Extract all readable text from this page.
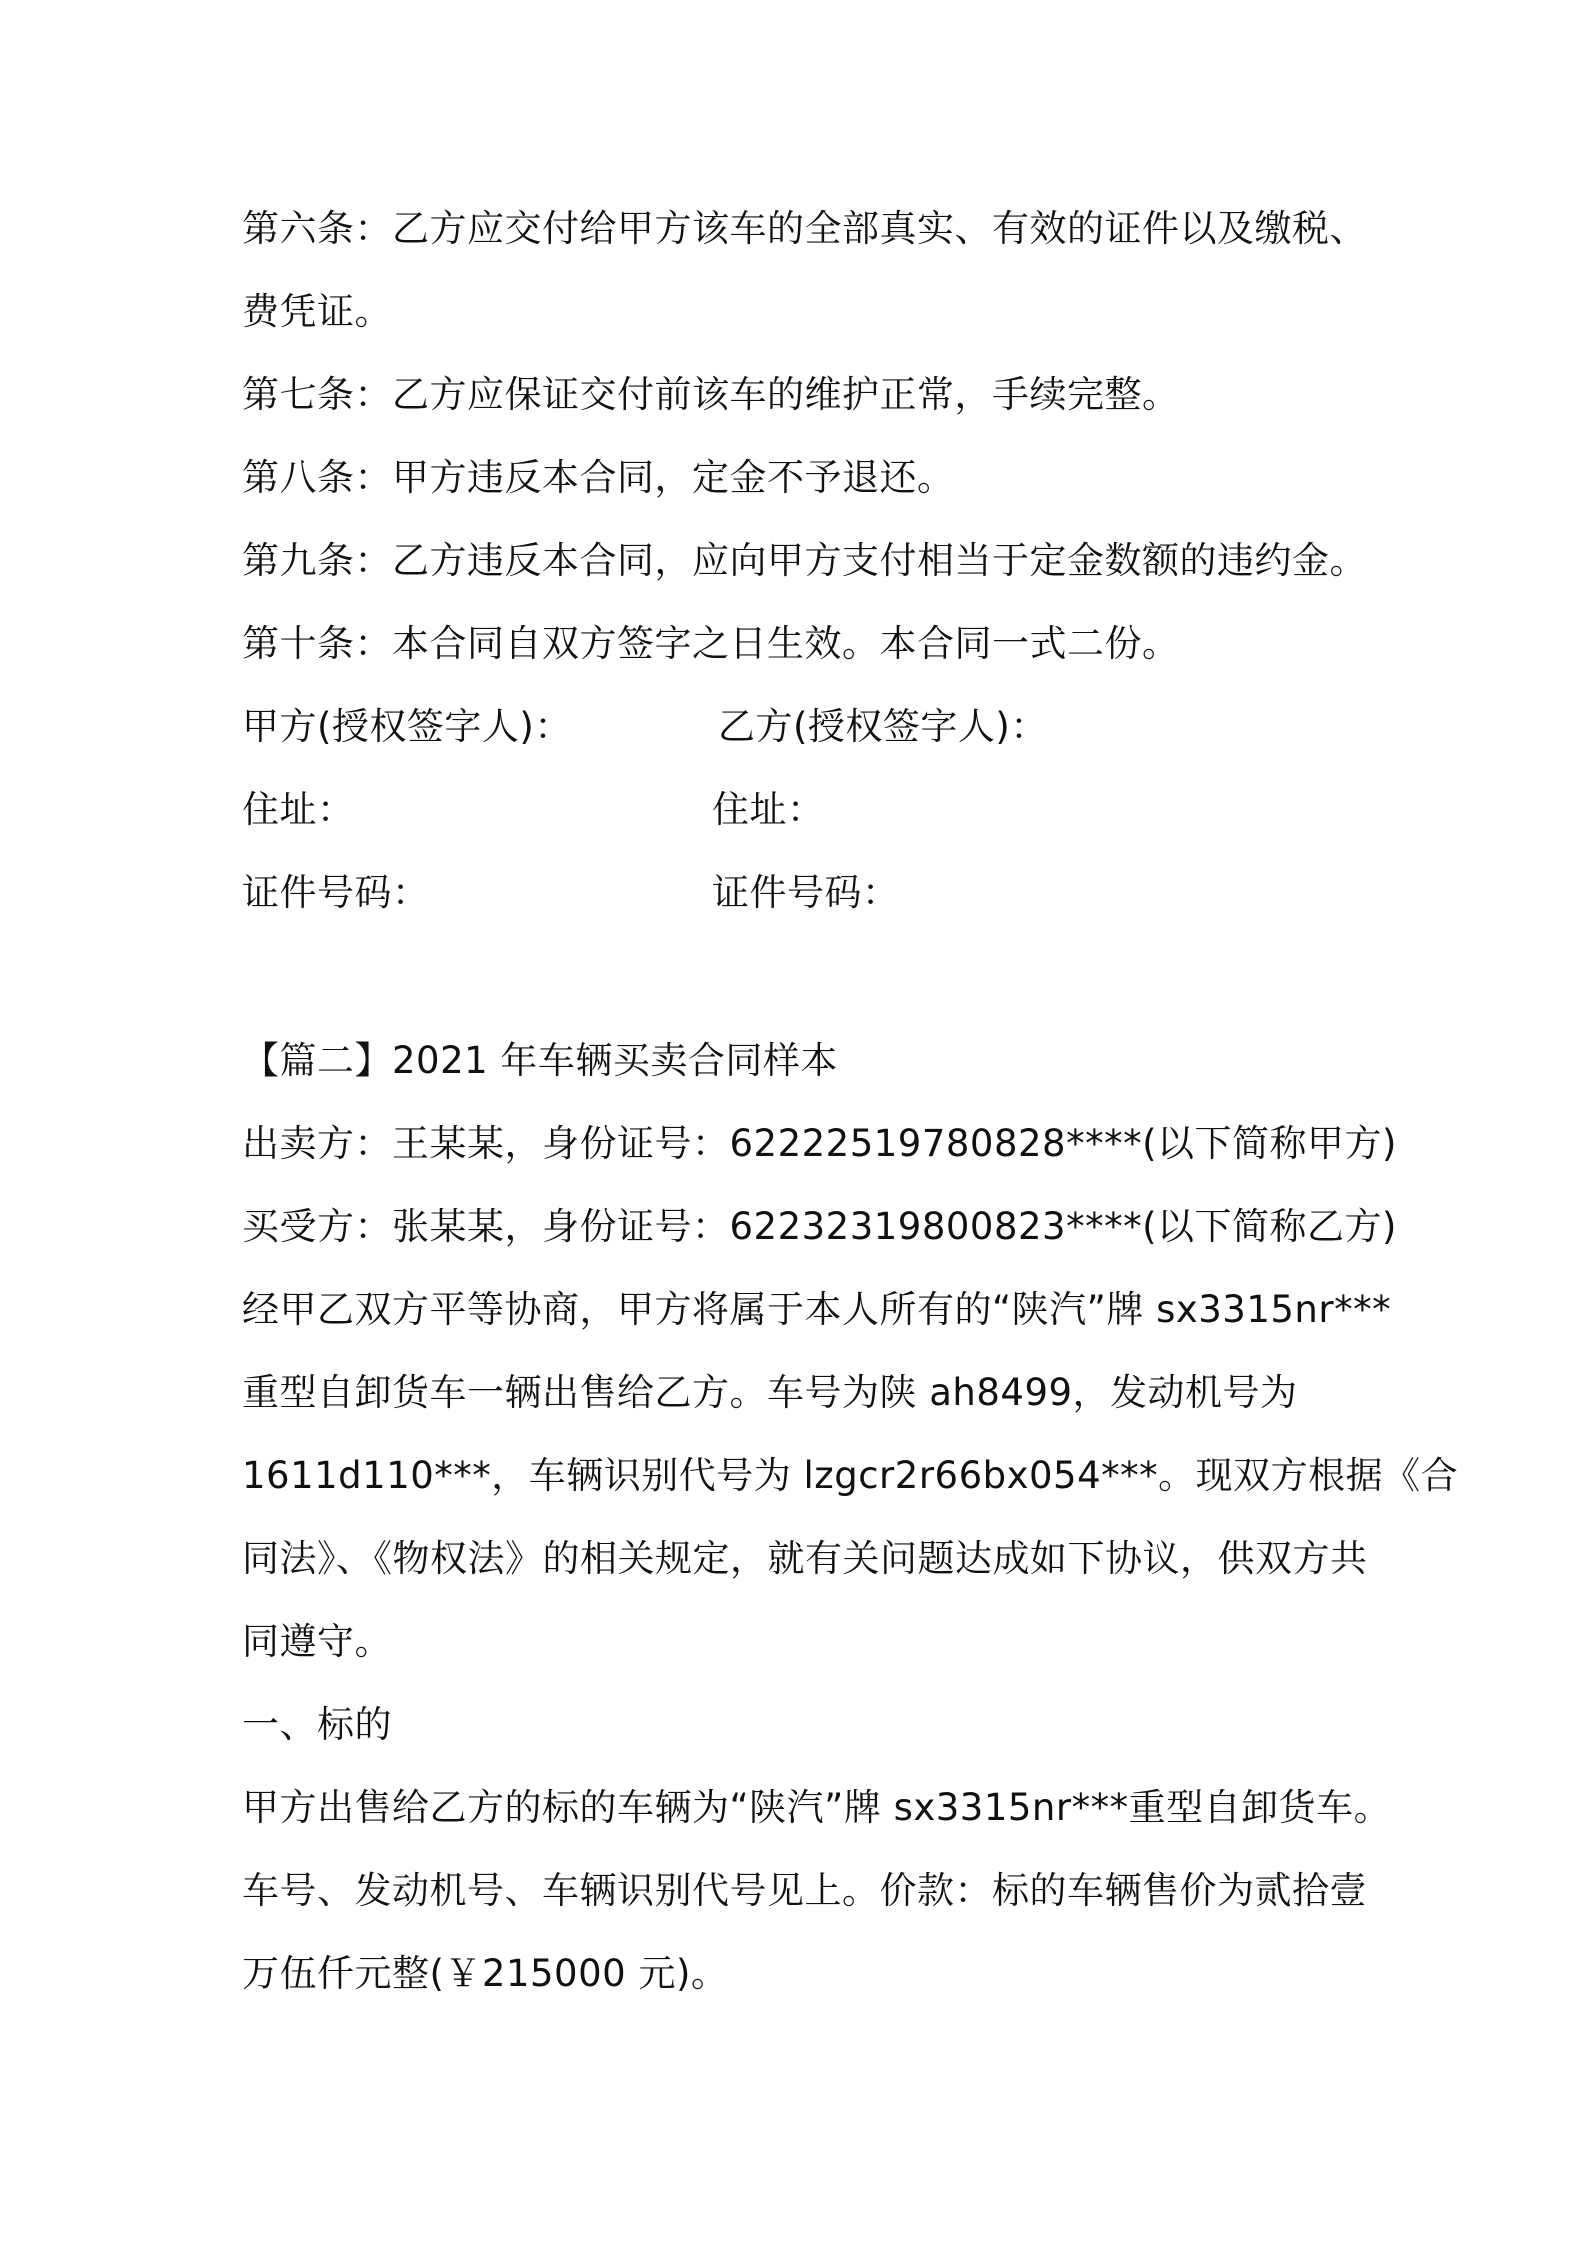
第六条：乙方应交付给甲方该车的全部真实、有效的证件以及缴税、
费凭证。
第七条：乙方应保证交付前该车的维护正常，手续完整。
第八条：甲方违反本合同，定金不予退还。
第九条：乙方违反本合同，应向甲方支付相当于定金数额的违约金。
第十条：本合同自双方签字之日生效。本合同一式二份。
甲方(授权签字人)：	乙方(授权签字人)：
住址：	住址：
证件号码：	证件号码：
【篇二】2021 年车辆买卖合同样本
出卖方：王某某，身份证号：62222519780828****(以下简称甲方)
买受方：张某某，身份证号：62232319800823****(以下简称乙方)
经甲乙双方平等协商，甲方将属于本人所有的“陕汽”牌 sx3315nr***
重型自卸货车一辆出售给乙方。车号为陕 ah8499，发动机号为
1611d110***，车辆识别代号为 lzgcr2r66bx054***。现双方根据《合
同法》、《物权法》的相关规定，就有关问题达成如下协议，供双方共
同遵守。
一、标的
甲方出售给乙方的标的车辆为“陕汽”牌 sx3315nr***重型自卸货车。
车号、发动机号、车辆识别代号见上。价款：标的车辆售价为贰拾壹
万伍仟元整(￥215000 元)。
